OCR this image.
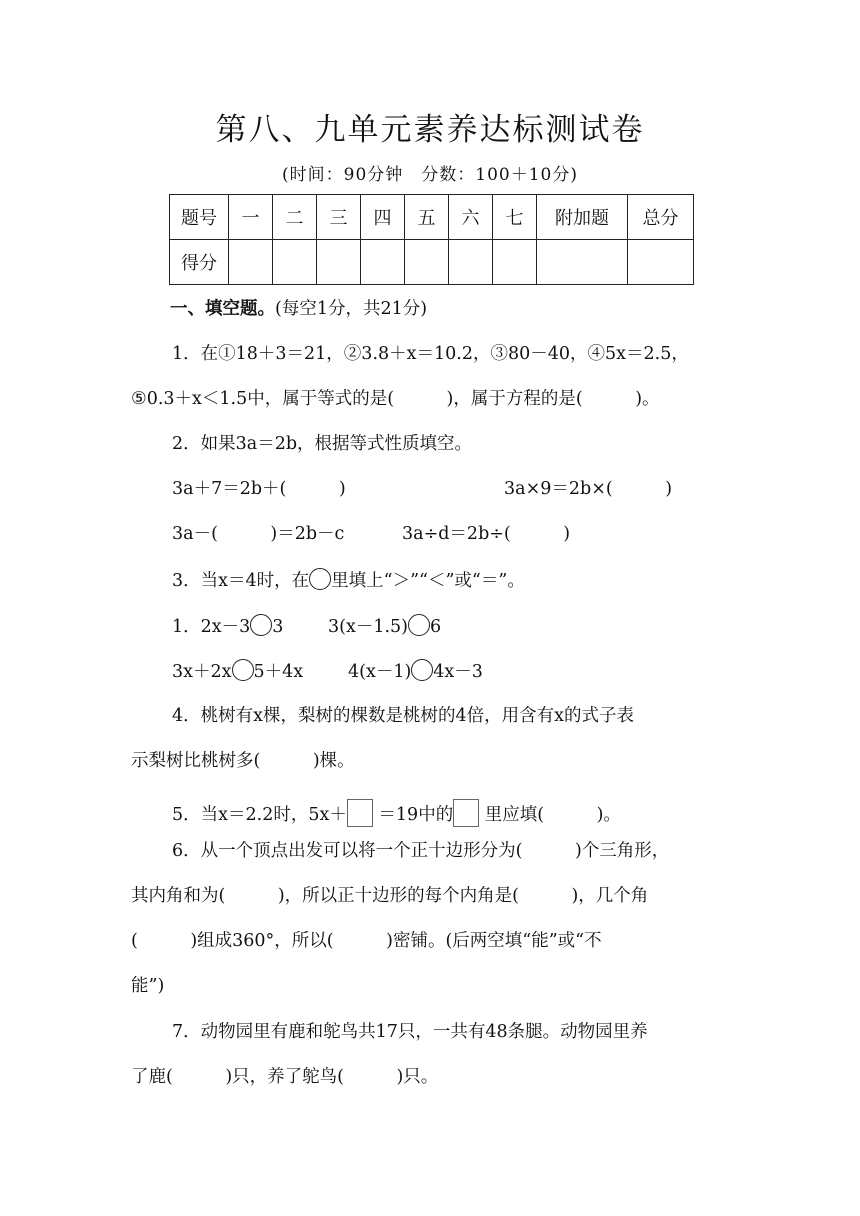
第八、九单元素养达标测试卷
(时间：90分钟　分数：100＋10分)
题号	一	二	三	四	五	六	七	附加题	总分
得分									
一、填空题。(每空1分，共21分)
1．在①18＋3＝21，②3.8＋x＝10.2，③80－40，④5x＝2.5，
⑤0.3＋x＜1.5中，属于等式的是(　　　)，属于方程的是(　　　)。
2．如果3a＝2b，根据等式性质填空。
3a＋7＝2b＋(　　　)	3a×9＝2b×(　　　)
3a－(　　　)＝2b－c	3a÷d＝2b÷(　　　)
3．当x＝4时，在 里填上“＞”“＜”或“＝”。
1．2x－3 3	3(x－1.5) 6
3x＋2x 5＋4x	4(x－1) 4x－3
4．桃树有x棵，梨树的棵数是桃树的4倍，用含有x的式子表
示梨树比桃树多(　　　)棵。
5．当x＝2.2时，5x＋ ＝19中的 里应填(　　　)。
6．从一个顶点出发可以将一个正十边形分为(　　　)个三角形，
其内角和为(　　　)，所以正十边形的每个内角是(　　　)，几个角
(　　　)组成360°，所以(　　　)密铺。(后两空填“能”或“不
能”)
7．动物园里有鹿和鸵鸟共17只，一共有48条腿。动物园里养
了鹿(　　　)只，养了鸵鸟(　　　)只。
